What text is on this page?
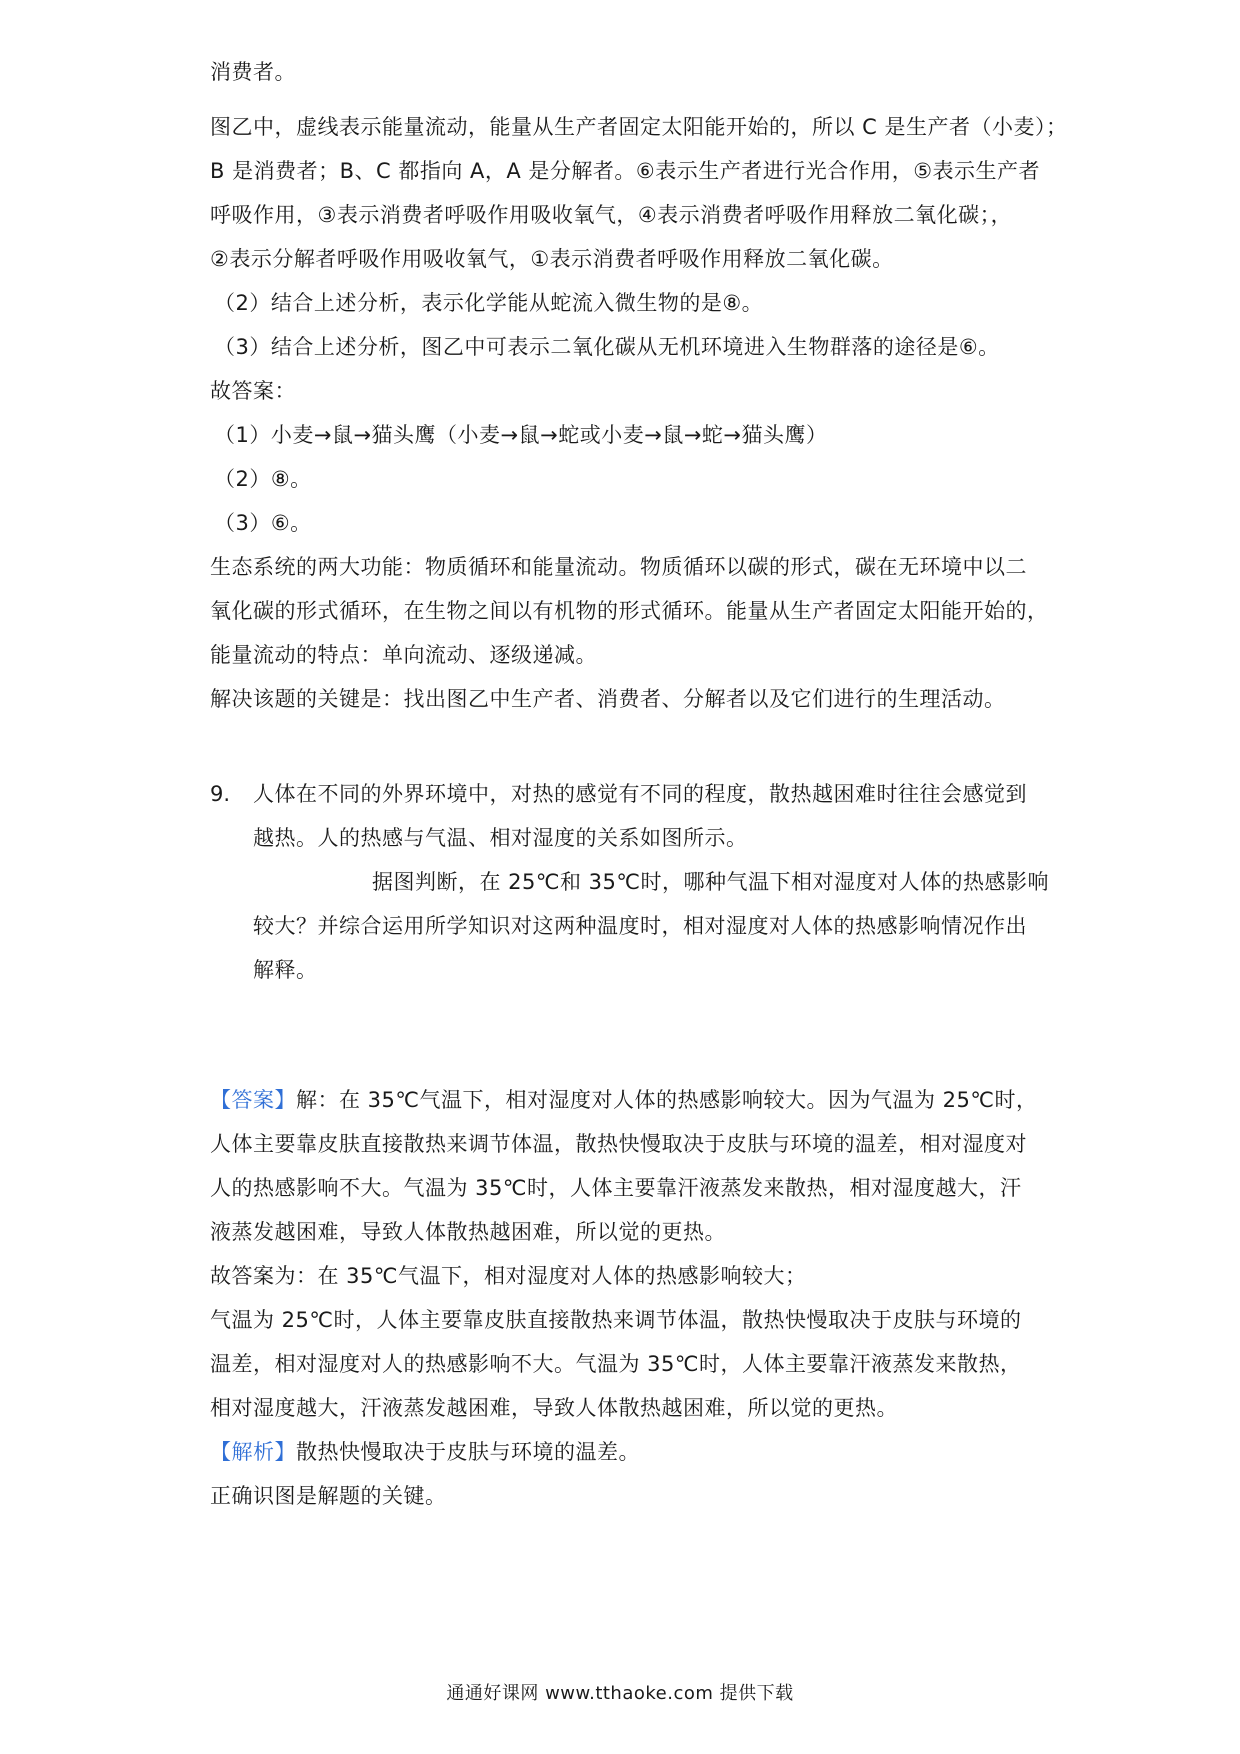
消费者。
图乙中，虚线表示能量流动，能量从生产者固定太阳能开始的，所以 C 是生产者（小麦）；
B 是消费者；B、C 都指向 A，A 是分解者。⑥表示生产者进行光合作用，⑤表示生产者
呼吸作用，③表示消费者呼吸作用吸收氧气，④表示消费者呼吸作用释放二氧化碳；，
②表示分解者呼吸作用吸收氧气，①表示消费者呼吸作用释放二氧化碳。
（2）结合上述分析，表示化学能从蛇流入微生物的是⑧。
（3）结合上述分析，图乙中可表示二氧化碳从无机环境进入生物群落的途径是⑥。
故答案：
（1）小麦→鼠→猫头鹰（小麦→鼠→蛇或小麦→鼠→蛇→猫头鹰）
（2）⑧。
（3）⑥。
生态系统的两大功能：物质循环和能量流动。物质循环以碳的形式，碳在无环境中以二
氧化碳的形式循环，在生物之间以有机物的形式循环。能量从生产者固定太阳能开始的，
能量流动的特点：单向流动、逐级递减。
解决该题的关键是：找出图乙中生产者、消费者、分解者以及它们进行的生理活动。
9. 人体在不同的外界环境中，对热的感觉有不同的程度，散热越困难时往往会感觉到
越热。人的热感与气温、相对湿度的关系如图所示。
据图判断，在 25℃和 35℃时，哪种气温下相对湿度对人体的热感影响
较大？并综合运用所学知识对这两种温度时，相对湿度对人体的热感影响情况作出
解释。
【答案】解：在 35℃气温下，相对湿度对人体的热感影响较大。因为气温为 25℃时，
人体主要靠皮肤直接散热来调节体温，散热快慢取决于皮肤与环境的温差，相对湿度对
人的热感影响不大。气温为 35℃时，人体主要靠汗液蒸发来散热，相对湿度越大，汗
液蒸发越困难，导致人体散热越困难，所以觉的更热。
故答案为：在 35℃气温下，相对湿度对人体的热感影响较大；
气温为 25℃时，人体主要靠皮肤直接散热来调节体温，散热快慢取决于皮肤与环境的
温差，相对湿度对人的热感影响不大。气温为 35℃时，人体主要靠汗液蒸发来散热，
相对湿度越大，汗液蒸发越困难，导致人体散热越困难，所以觉的更热。
【解析】散热快慢取决于皮肤与环境的温差。
正确识图是解题的关键。
通通好课网 www.tthaoke.com 提供下载
